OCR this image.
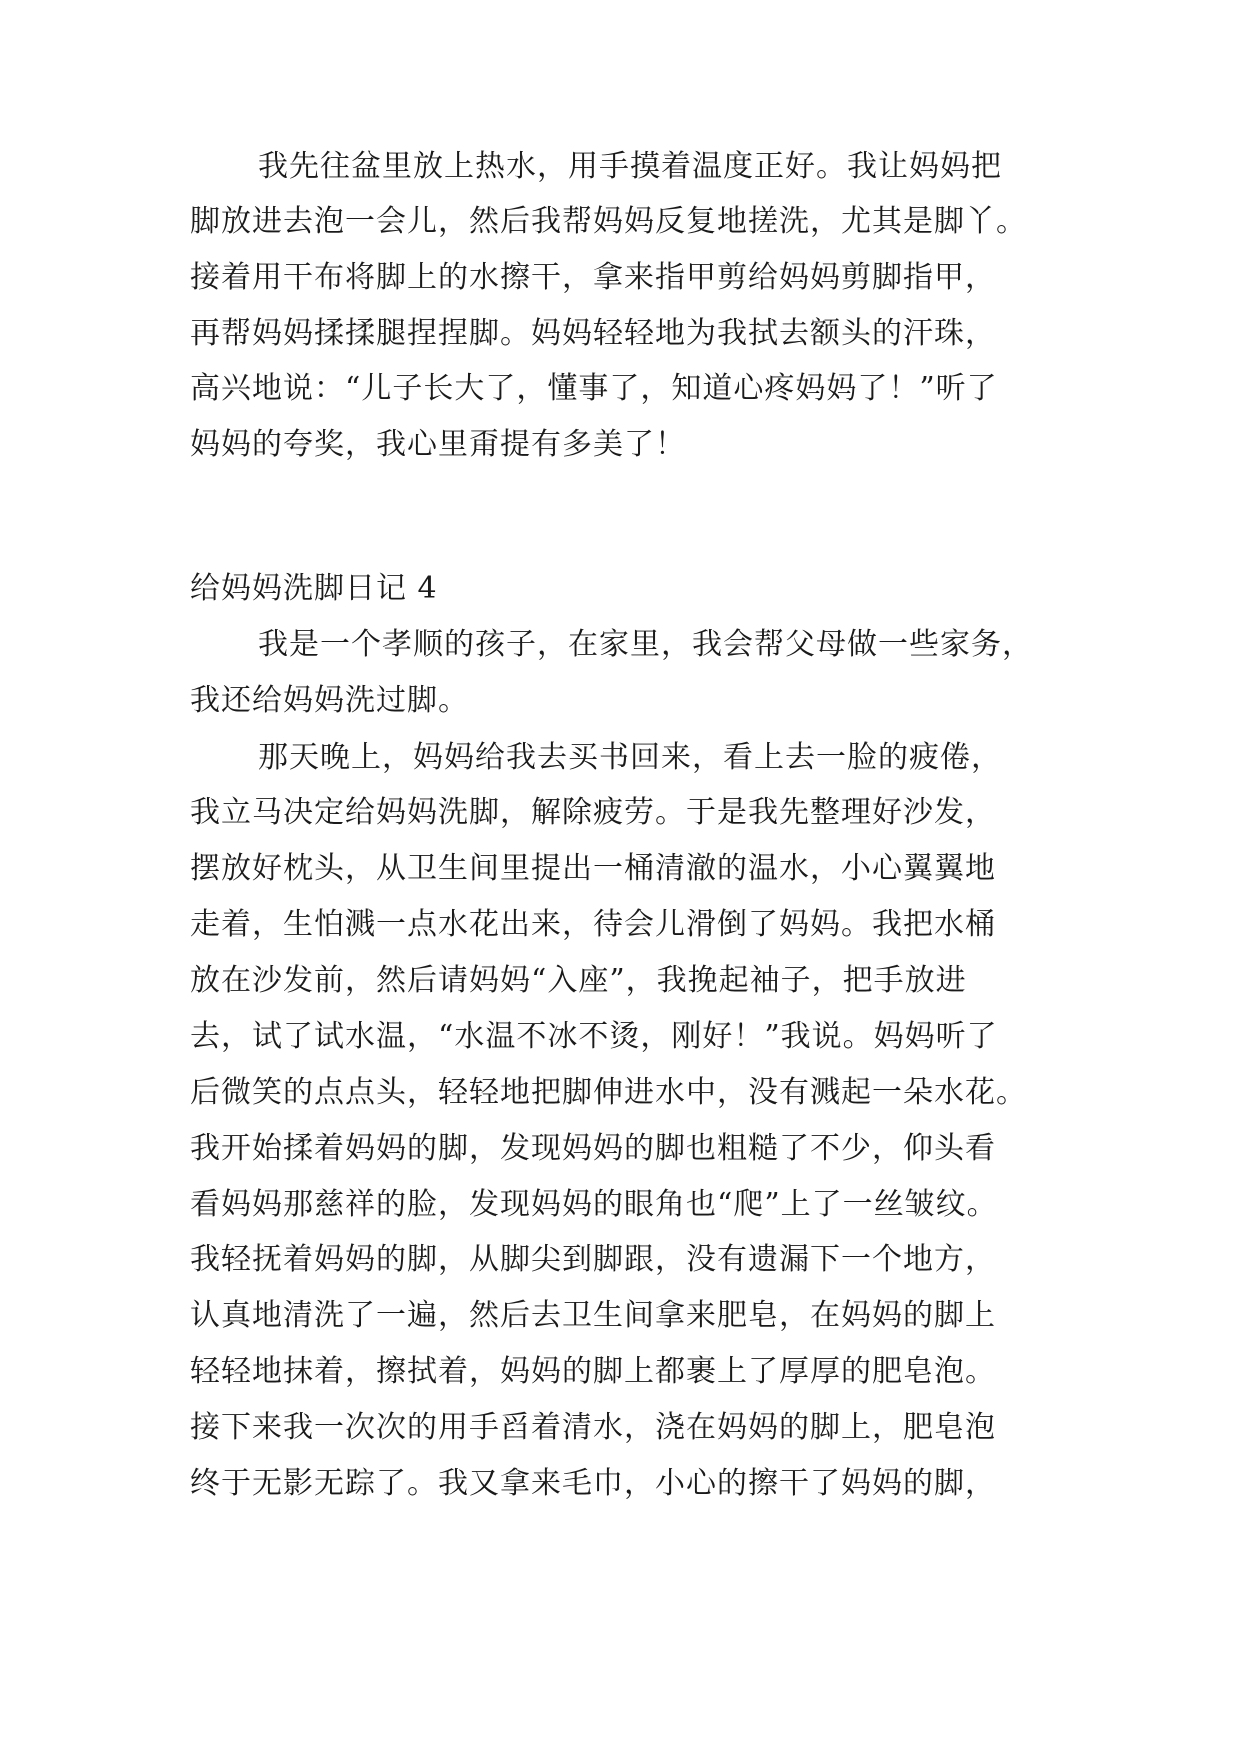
我先往盆里放上热水，用手摸着温度正好。我让妈妈把
脚放进去泡一会儿，然后我帮妈妈反复地搓洗，尤其是脚丫。
接着用干布将脚上的水擦干，拿来指甲剪给妈妈剪脚指甲，
再帮妈妈揉揉腿捏捏脚。妈妈轻轻地为我拭去额头的汗珠，
高兴地说：“儿子长大了，懂事了，知道心疼妈妈了！”听了
妈妈的夸奖，我心里甭提有多美了！
给妈妈洗脚日记 4
我是一个孝顺的孩子，在家里，我会帮父母做一些家务，
我还给妈妈洗过脚。
那天晚上，妈妈给我去买书回来，看上去一脸的疲倦，
我立马决定给妈妈洗脚，解除疲劳。于是我先整理好沙发，
摆放好枕头，从卫生间里提出一桶清澈的温水，小心翼翼地
走着，生怕溅一点水花出来，待会儿滑倒了妈妈。我把水桶
放在沙发前，然后请妈妈“入座”，我挽起袖子，把手放进
去，试了试水温，“水温不冰不烫，刚好！”我说。妈妈听了
后微笑的点点头，轻轻地把脚伸进水中，没有溅起一朵水花。
我开始揉着妈妈的脚，发现妈妈的脚也粗糙了不少，仰头看
看妈妈那慈祥的脸，发现妈妈的眼角也“爬”上了一丝皱纹。
我轻抚着妈妈的脚，从脚尖到脚跟，没有遗漏下一个地方，
认真地清洗了一遍，然后去卫生间拿来肥皂，在妈妈的脚上
轻轻地抹着，擦拭着，妈妈的脚上都裹上了厚厚的肥皂泡。
接下来我一次次的用手舀着清水，浇在妈妈的脚上，肥皂泡
终于无影无踪了。我又拿来毛巾，小心的擦干了妈妈的脚，
